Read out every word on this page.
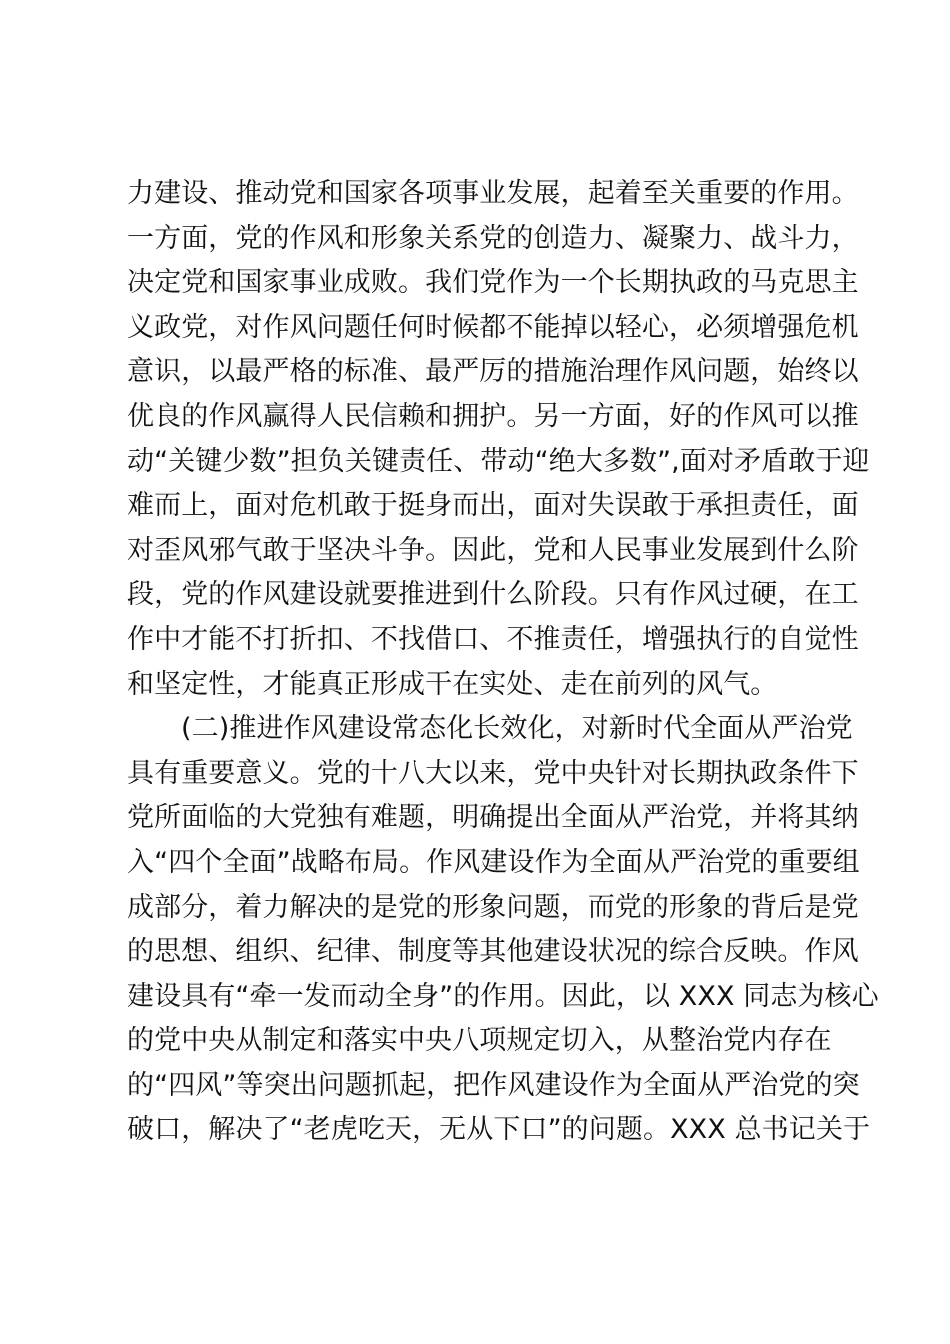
力建设、推动党和国家各项事业发展，起着至关重要的作用。
一方面，党的作风和形象关系党的创造力、凝聚力、战斗力，
决定党和国家事业成败。我们党作为一个长期执政的马克思主
义政党，对作风问题任何时候都不能掉以轻心，必须增强危机
意识，以最严格的标准、最严厉的措施治理作风问题，始终以
优良的作风赢得人民信赖和拥护。另一方面，好的作风可以推
动“关键少数”担负关键责任、带动“绝大多数”,面对矛盾敢于迎
难而上，面对危机敢于挺身而出，面对失误敢于承担责任，面
对歪风邪气敢于坚决斗争。因此，党和人民事业发展到什么阶
段，党的作风建设就要推进到什么阶段。只有作风过硬，在工
作中才能不打折扣、不找借口、不推责任，增强执行的自觉性
和坚定性，才能真正形成干在实处、走在前列的风气。
(二)推进作风建设常态化长效化，对新时代全面从严治党
具有重要意义。党的十八大以来，党中央针对长期执政条件下
党所面临的大党独有难题，明确提出全面从严治党，并将其纳
入“四个全面”战略布局。作风建设作为全面从严治党的重要组
成部分，着力解决的是党的形象问题，而党的形象的背后是党
的思想、组织、纪律、制度等其他建设状况的综合反映。作风
建设具有“牵一发而动全身”的作用。因此，以 XXX 同志为核心
的党中央从制定和落实中央八项规定切入，从整治党内存在
的“四风”等突出问题抓起，把作风建设作为全面从严治党的突
破口，解决了“老虎吃天，无从下口”的问题。XXX 总书记关于
